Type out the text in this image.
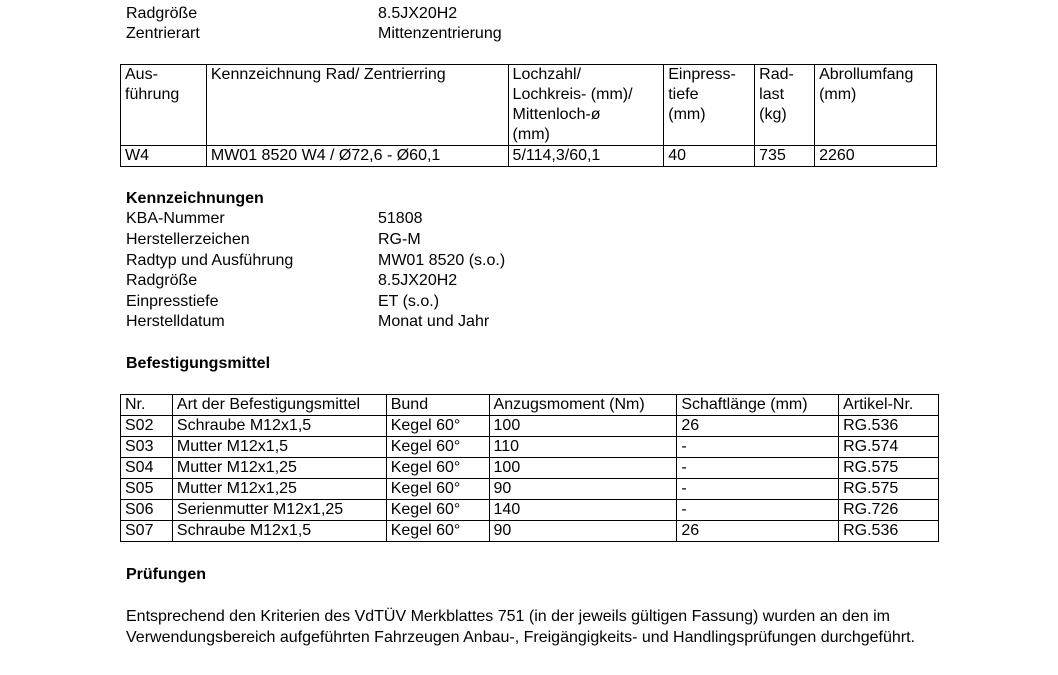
Radgröße	8.5JX20H2
Zentrierart	Mittenzentrierung
Aus-
führung	Kennzeichnung Rad/ Zentrierring	Lochzahl/
Lochkreis- (mm)/
Mittenloch-ø
(mm)	Einpress-
tiefe
(mm)	Rad-
last
(kg)	Abrollumfang
(mm)
W4	MW01 8520 W4 / Ø72,6 - Ø60,1	5/114,3/60,1	40	735	2260
Kennzeichnungen
KBA-Nummer	51808
Herstellerzeichen	RG-M
Radtyp und Ausführung	MW01 8520 (s.o.)
Radgröße	8.5JX20H2
Einpresstiefe	ET (s.o.)
Herstelldatum	Monat und Jahr
Befestigungsmittel
Nr.	Art der Befestigungsmittel	Bund	Anzugsmoment (Nm)	Schaftlänge (mm)	Artikel-Nr.
S02	Schraube M12x1,5	Kegel 60°	100	26	RG.536
S03	Mutter M12x1,5	Kegel 60°	110	-	RG.574
S04	Mutter M12x1,25	Kegel 60°	100	-	RG.575
S05	Mutter M12x1,25	Kegel 60°	90	-	RG.575
S06	Serienmutter M12x1,25	Kegel 60°	140	-	RG.726
S07	Schraube M12x1,5	Kegel 60°	90	26	RG.536
Prüfungen
Entsprechend den Kriterien des VdTÜV Merkblattes 751 (in der jeweils gültigen Fassung) wurden an den im Verwendungsbereich aufgeführten Fahrzeugen Anbau-, Freigängigkeits- und Handlingsprüfungen durchgeführt.
